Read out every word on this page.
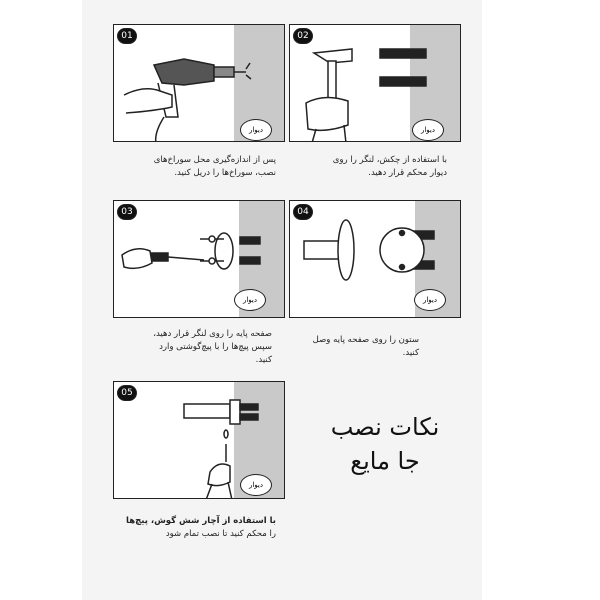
01
دیوار
پس از اندازه‌گیری محل سوراخ‌های
نصب، سوراخ‌ها را دریل کنید.
02
دیوار
با استفاده از چکش، لنگر را روی
دیوار محکم قرار دهید.
03
دیوار
صفحه پایه را روی لنگر قرار دهید،
سپس پیچ‌ها را با پیچ‌گوشتی وارد
کنید.
04
دیوار
ستون را روی صفحه پایه وصل
کنید.
05
دیوار
با استفاده از آچار شش گوش، پیچ‌ها
را محکم کنید تا نصب تمام شود
نکات نصب
جا مایع
